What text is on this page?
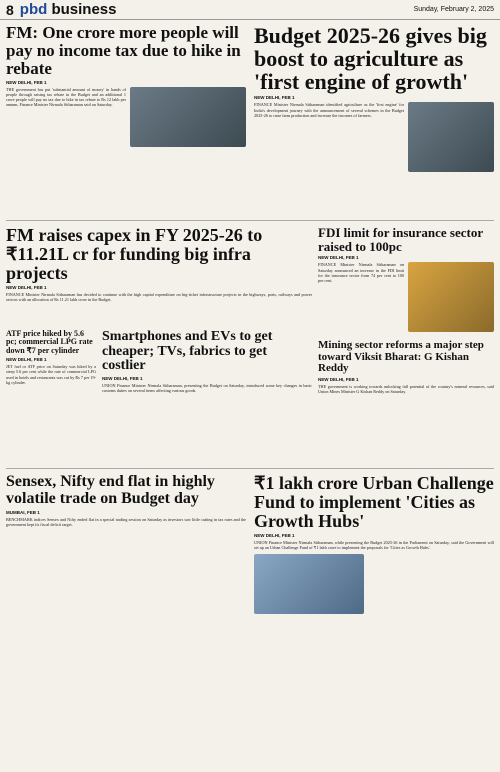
8 pbd business	Sunday, February 2, 2025
FM: One crore more people will pay no income tax due to hike in rebate
NEW DELHI, FEB 1
THE government has put 'substantial amount of money' in hands of people through raising tax rebate in the Budget and an additional 1 crore people will pay no tax due to hike in tax rebate to Rs 12 lakh per annum, Finance Minister Nirmala Sitharaman said on Saturday.
Budget 2025-26 gives big boost to agriculture as 'first engine of growth'
NEW DELHI, FEB 1
FINANCE Minister Nirmala Sitharaman identified agriculture as the 'first engine' for India's development journey with the announcement of several schemes in the Budget 2025-26 to raise farm production and increase the incomes of farmers.
FM raises capex in FY 2025-26 to ₹11.21L cr for funding big infra projects
NEW DELHI, FEB 1
FINANCE Minister Nirmala Sitharaman has decided to continue with the high capital expenditure on big-ticket infrastructure projects in the highways, ports, railways and power sectors with an allocation of Rs 11.21 lakh crore in the Budget.
FDI limit for insurance sector raised to 100pc
NEW DELHI, FEB 1
FINANCE Minister Nirmala Sitharaman on Saturday announced an increase in the FDI limit for the insurance sector from 74 per cent to 100 per cent.
ATF price hiked by 5.6 pc; commercial LPG rate down ₹7 per cylinder
NEW DELHI, FEB 1
JET fuel or ATF price on Saturday was hiked by a steep 5.6 per cent while the rate of commercial LPG used in hotels and restaurants was cut by Rs 7 per 19-kg cylinder.
Smartphones and EVs to get cheaper; TVs, fabrics to get costlier
NEW DELHI, FEB 1
UNION Finance Minister Nirmala Sitharaman, presenting the Budget on Saturday, introduced some key changes in basic customs duties on several items affecting various goods.
Mining sector reforms a major step toward Viksit Bharat: G Kishan Reddy
NEW DELHI, FEB 1
THE government is working towards unlocking full potential of the country's mineral resources, said Union Mines Minister G Kishan Reddy on Saturday.
Sensex, Nifty end flat in highly volatile trade on Budget day
MUMBAI, FEB 1
BENCHMARK indices Sensex and Nifty ended flat in a special trading session on Saturday as investors saw little cutting in tax rates and the government kept its fiscal deficit target.
₹1 lakh crore Urban Challenge Fund to implement 'Cities as Growth Hubs'
NEW DELHI, FEB 1
UNION Finance Minister Nirmala Sitharaman, while presenting the Budget 2025-26 in the Parliament on Saturday, said the Government will set up an Urban Challenge Fund of ₹1 lakh crore to implement the proposals for 'Cities as Growth Hubs'.
